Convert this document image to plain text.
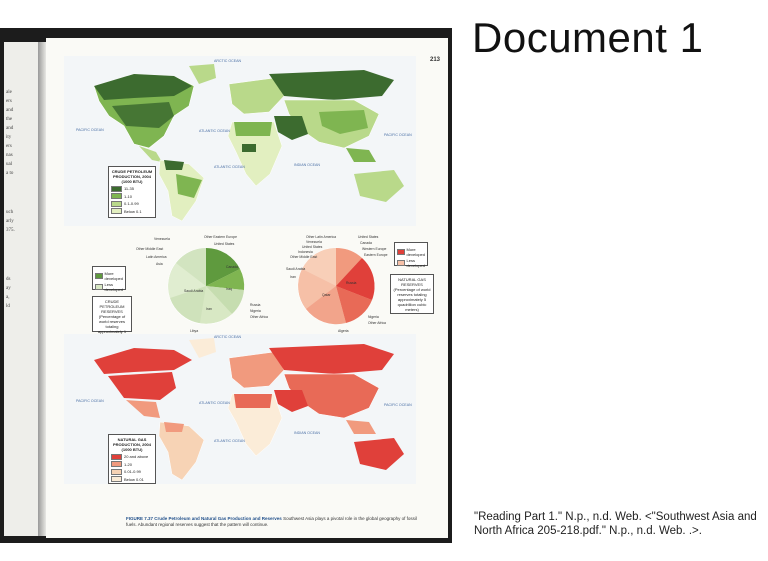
Document 1
ale
ers
and
the
and
ity
ers
nas
ual
a to
uch
arly
375.
ds
ay
a,
ld
213
ARCTIC OCEAN
PACIFIC OCEAN	ATLANTIC OCEAN
INDIAN OCEAN
PACIFIC OCEAN
ATLANTIC OCEAN
CRUDE PETROLEUM PRODUCTION, 2004 (1000 BTU)
11-35
1-10
0.1-0.99
Below 0.1
Venezuela
Other Middle East
Latin America
Asia
Other Eastern Europe
United States
Canada
Iraq
Saudi Arabia
Iran
Libya
Russia
Nigeria
Other Africa
Other Latin America
Venezuela
United States
Indonesia
Other Middle East
Saudi Arabia
Iran
Qatar
United States
Canada
Western Europe
Eastern Europe
Russia
Nigeria
Other Africa
Algeria
More developed
Less developed
CRUDE PETROLEUM RESERVES (Percentage of world reserves totaling approximately 1
More developed
Less developed
NATURAL GAS RESERVES (Percentage of world reserves totaling approximately 5 quadrillion cubic meters)
ARCTIC OCEAN
PACIFIC OCEAN	ATLANTIC OCEAN
INDIAN OCEAN
PACIFIC OCEAN
ATLANTIC OCEAN
NATURAL GAS PRODUCTION, 2004 (1000 BTU)
20 and above
1-20
0.01-0.99
Below 0.01
FIGURE 7.37 Crude Petroleum and Natural Gas Production and Reserves Southwest Asia plays a pivotal role in the global geography of fossil fuels. Abundant regional reserves suggest that the pattern will continue.
"Reading Part 1." N.p., n.d. Web. <"Southwest Asia and North Africa 205-218.pdf." N.p., n.d. Web. .>.
